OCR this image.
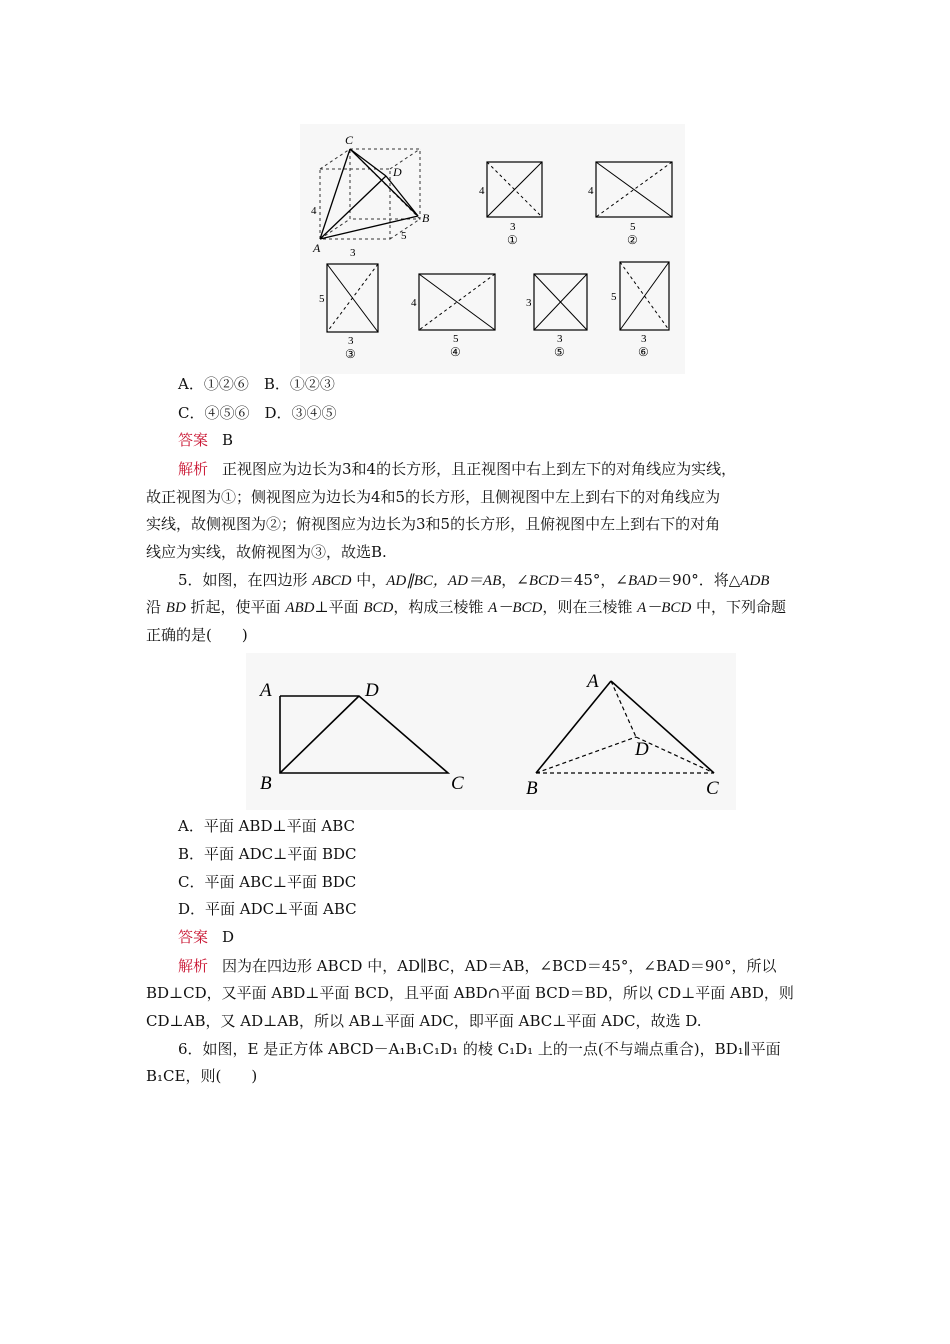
C
D
B
A
4
3
5
4
3
①
4
5
②
5
3
③
4
5
④
3
3
⑤
5
3
⑥
A．①②⑥　B．①②③
C．④⑤⑥　D．③④⑤
答案 B
解析 正视图应为边长为3和4的长方形，且正视图中右上到左下的对角线应为实线，
故正视图为①；侧视图应为边长为4和5的长方形，且侧视图中左上到右下的对角线应为
实线，故侧视图为②；俯视图应为边长为3和5的长方形，且俯视图中左上到右下的对角
线应为实线，故俯视图为③，故选B.
5．如图，在四边形 ABCD 中，AD∥BC，AD＝AB，∠BCD＝45°，∠BAD＝90°．将△ADB
沿 BD 折起，使平面 ABD⊥平面 BCD，构成三棱锥 A－BCD，则在三棱锥 A－BCD 中，下列命题
正确的是(　　)
A	D
B	C
A
D
B	C
A．平面 ABD⊥平面 ABC
B．平面 ADC⊥平面 BDC
C．平面 ABC⊥平面 BDC
D．平面 ADC⊥平面 ABC
答案 D
解析 因为在四边形 ABCD 中，AD∥BC，AD＝AB，∠BCD＝45°，∠BAD＝90°，所以
BD⊥CD，又平面 ABD⊥平面 BCD，且平面 ABD∩平面 BCD＝BD，所以 CD⊥平面 ABD，则
CD⊥AB，又 AD⊥AB，所以 AB⊥平面 ADC，即平面 ABC⊥平面 ADC，故选 D.
6．如图，E 是正方体 ABCD－A₁B₁C₁D₁ 的棱 C₁D₁ 上的一点(不与端点重合)，BD₁∥平面
B₁CE，则(　　)
